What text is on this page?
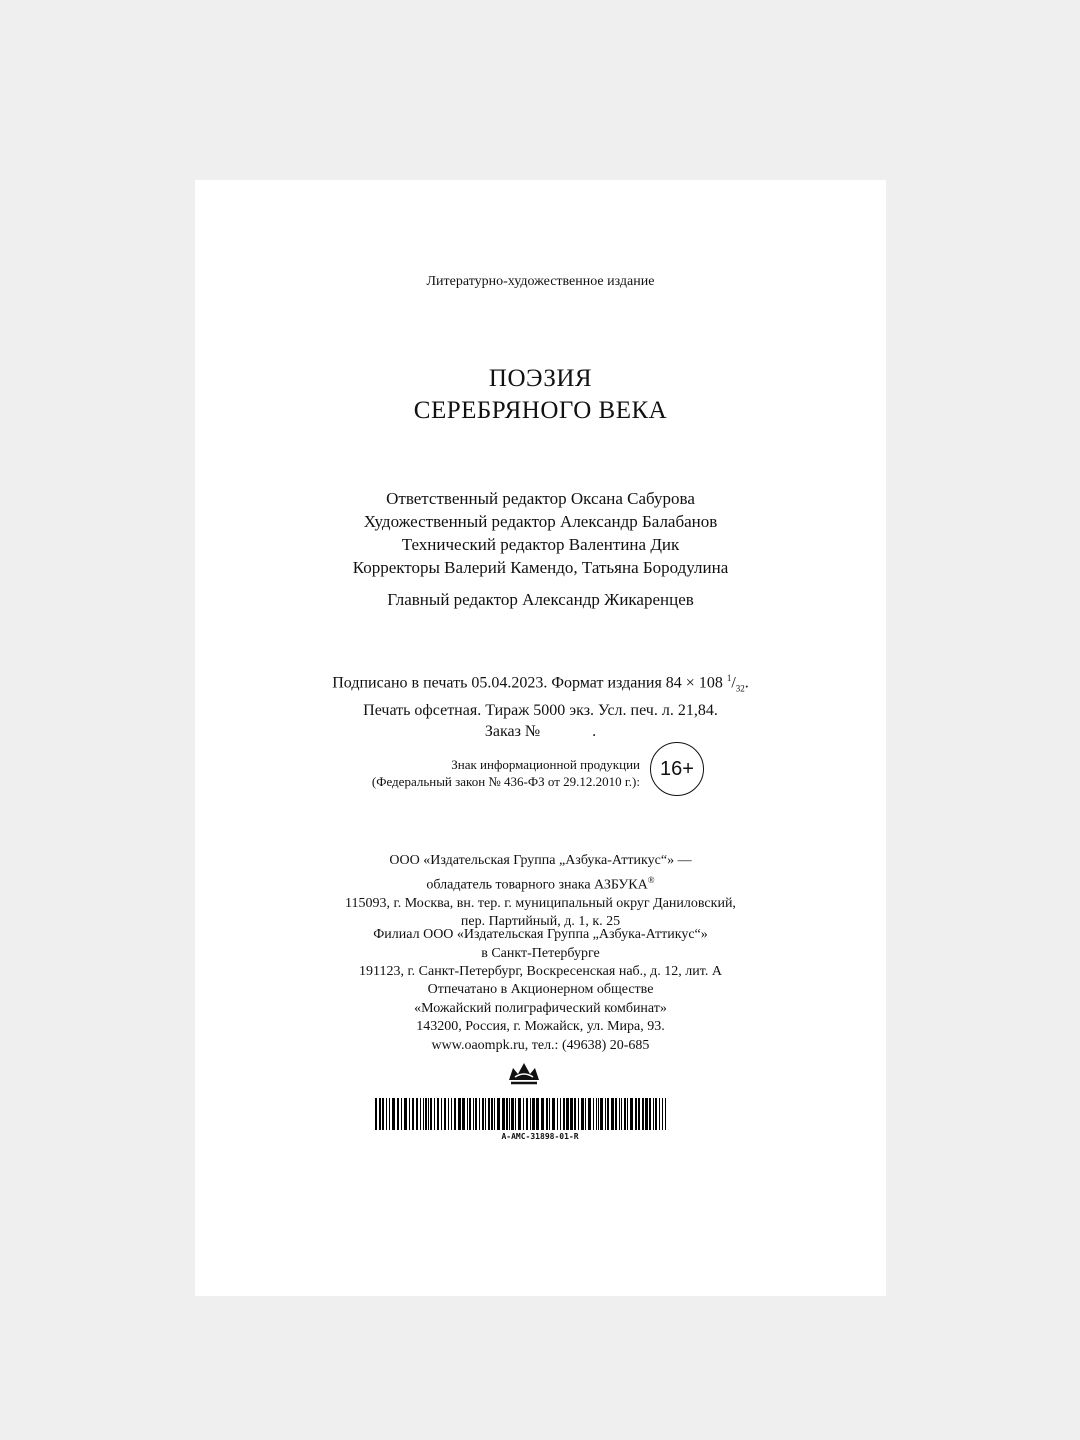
Литературно-художественное издание
ПОЭЗИЯ
СЕРЕБРЯНОГО ВЕКА
Ответственный редактор Оксана Сабурова
Художественный редактор Александр Балабанов
Технический редактор Валентина Дик
Корректоры Валерий Камендо, Татьяна Бородулина
Главный редактор Александр Жикаренцев
Подписано в печать 05.04.2023. Формат издания 84 × 108 $^1/_{32}$.
Печать офсетная. Тираж 5000 экз. Усл. печ. л. 21,84.
Заказ №             .
Знак информационной продукции
(Федеральный закон № 436-ФЗ от 29.12.2010 г.):
16+
ООО «Издательская Группа „Азбука-Аттикус“» —
обладатель товарного знака АЗБУКА®
115093, г. Москва, вн. тер. г. муниципальный округ Даниловский,
пер. Партийный, д. 1, к. 25
Филиал ООО «Издательская Группа „Азбука-Аттикус“»
в Санкт-Петербурге
191123, г. Санкт-Петербург, Воскресенская наб., д. 12, лит. А
Отпечатано в Акционерном обществе
«Можайский полиграфический комбинат»
143200, Россия, г. Можайск, ул. Мира, 93.
www.oaompk.ru, тел.: (49638) 20-685
A-AMC-31898-01-R
